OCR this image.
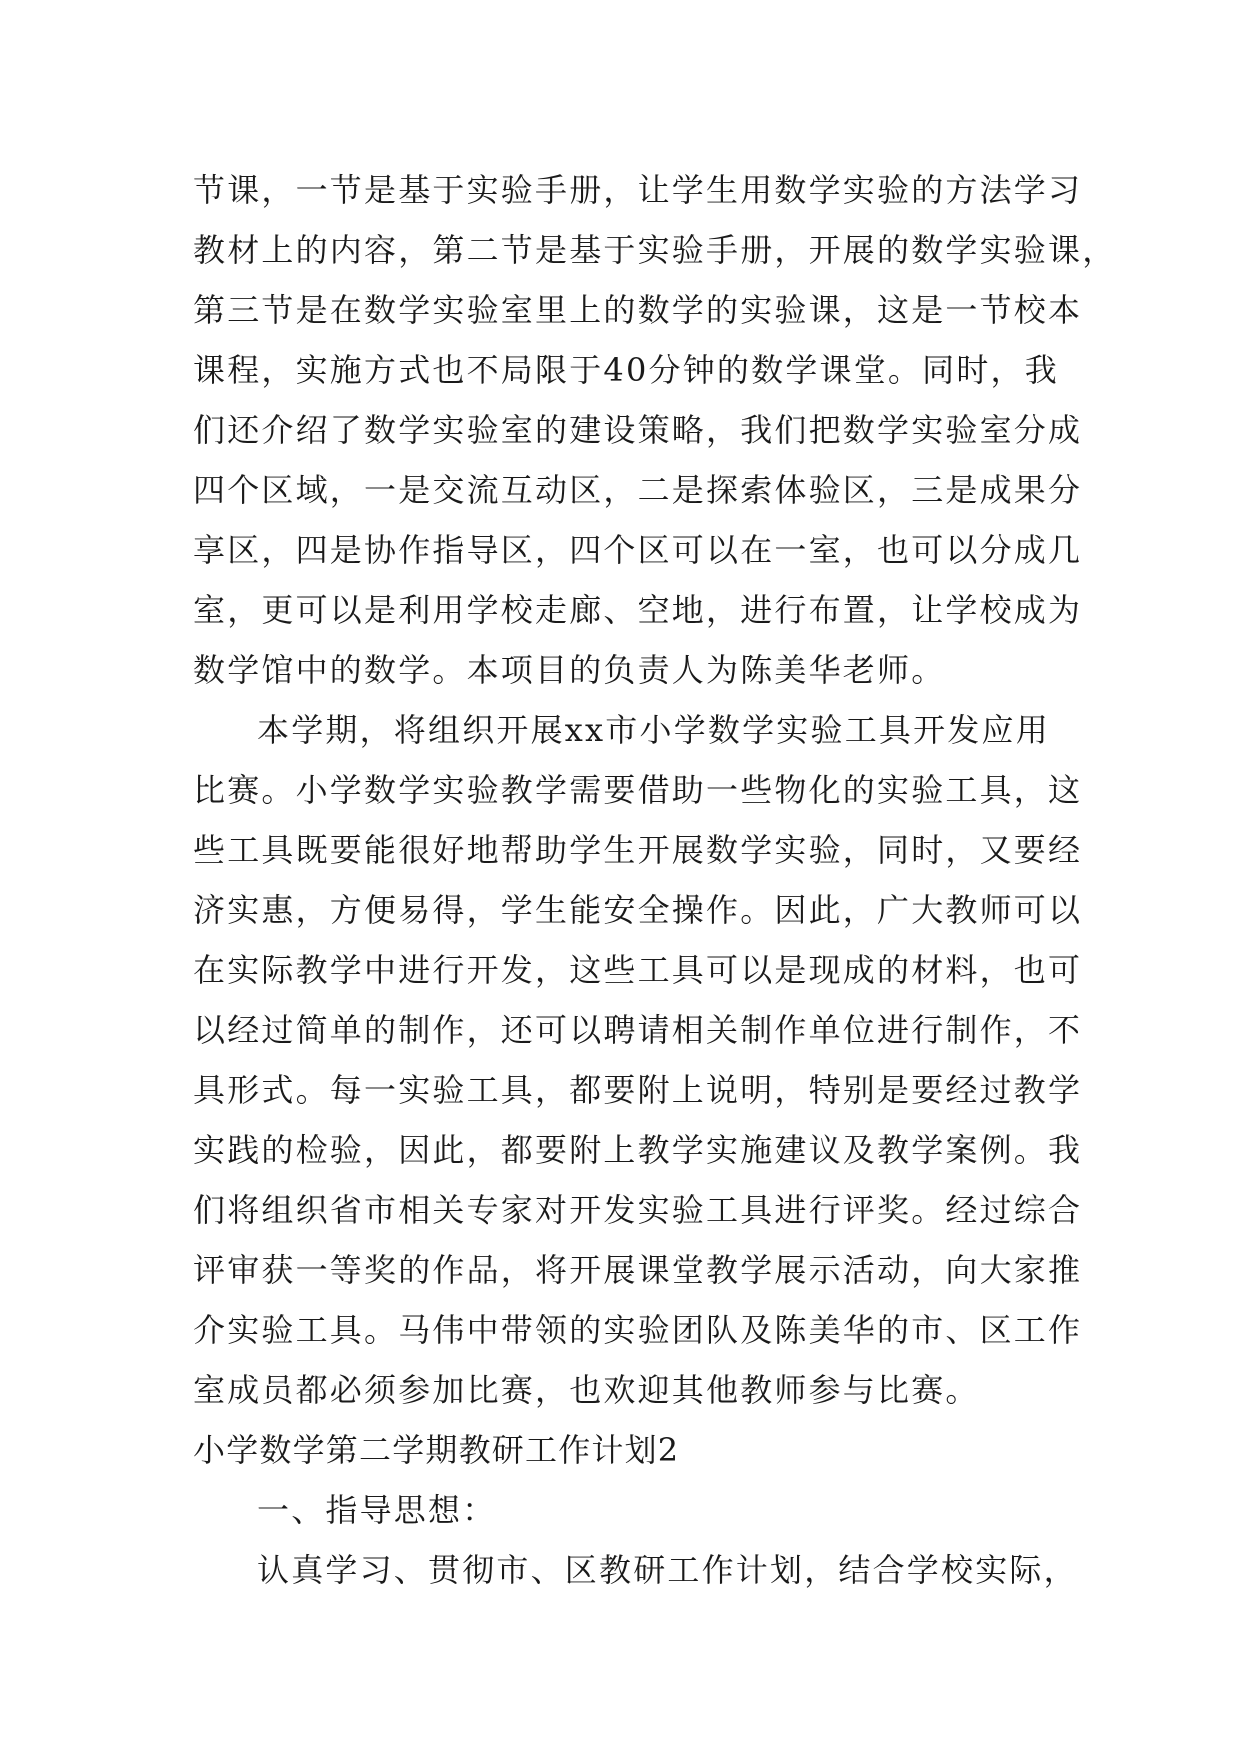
节课，一节是基于实验手册，让学生用数学实验的方法学习
教材上的内容，第二节是基于实验手册，开展的数学实验课，
第三节是在数学实验室里上的数学的实验课，这是一节校本
课程，实施方式也不局限于40分钟的数学课堂。同时，我
们还介绍了数学实验室的建设策略，我们把数学实验室分成
四个区域，一是交流互动区，二是探索体验区，三是成果分
享区，四是协作指导区，四个区可以在一室，也可以分成几
室，更可以是利用学校走廊、空地，进行布置，让学校成为
数学馆中的数学。本项目的负责人为陈美华老师。
本学期，将组织开展xx市小学数学实验工具开发应用
比赛。小学数学实验教学需要借助一些物化的实验工具，这
些工具既要能很好地帮助学生开展数学实验，同时，又要经
济实惠，方便易得，学生能安全操作。因此，广大教师可以
在实际教学中进行开发，这些工具可以是现成的材料，也可
以经过简单的制作，还可以聘请相关制作单位进行制作，不
具形式。每一实验工具，都要附上说明，特别是要经过教学
实践的检验，因此，都要附上教学实施建议及教学案例。我
们将组织省市相关专家对开发实验工具进行评奖。经过综合
评审获一等奖的作品，将开展课堂教学展示活动，向大家推
介实验工具。马伟中带领的实验团队及陈美华的市、区工作
室成员都必须参加比赛，也欢迎其他教师参与比赛。
小学数学第二学期教研工作计划2
一、指导思想：
认真学习、贯彻市、区教研工作计划，结合学校实际，
